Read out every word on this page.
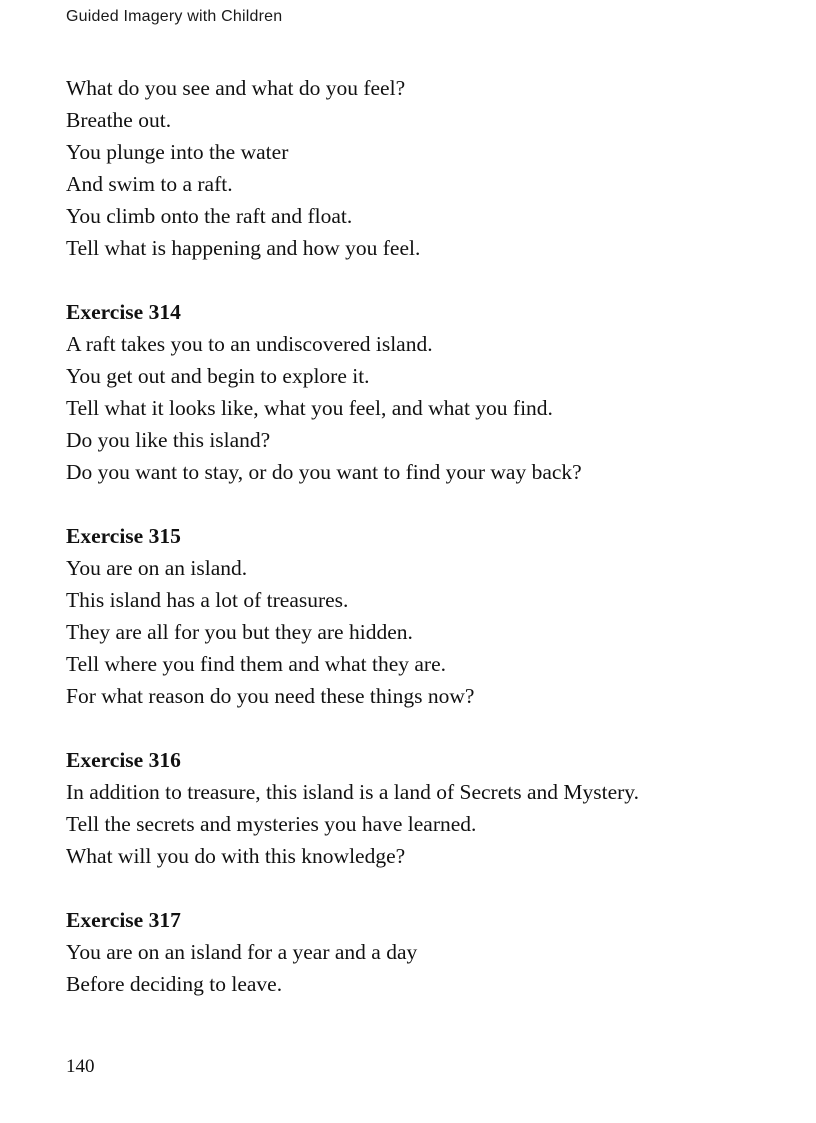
Guided Imagery with Children
What do you see and what do you feel?
Breathe out.
You plunge into the water
And swim to a raft.
You climb onto the raft and float.
Tell what is happening and how you feel.
Exercise 314
A raft takes you to an undiscovered island.
You get out and begin to explore it.
Tell what it looks like, what you feel, and what you find.
Do you like this island?
Do you want to stay, or do you want to find your way back?
Exercise 315
You are on an island.
This island has a lot of treasures.
They are all for you but they are hidden.
Tell where you find them and what they are.
For what reason do you need these things now?
Exercise 316
In addition to treasure, this island is a land of Secrets and Mystery.
Tell the secrets and mysteries you have learned.
What will you do with this knowledge?
Exercise 317
You are on an island for a year and a day
Before deciding to leave.
140
